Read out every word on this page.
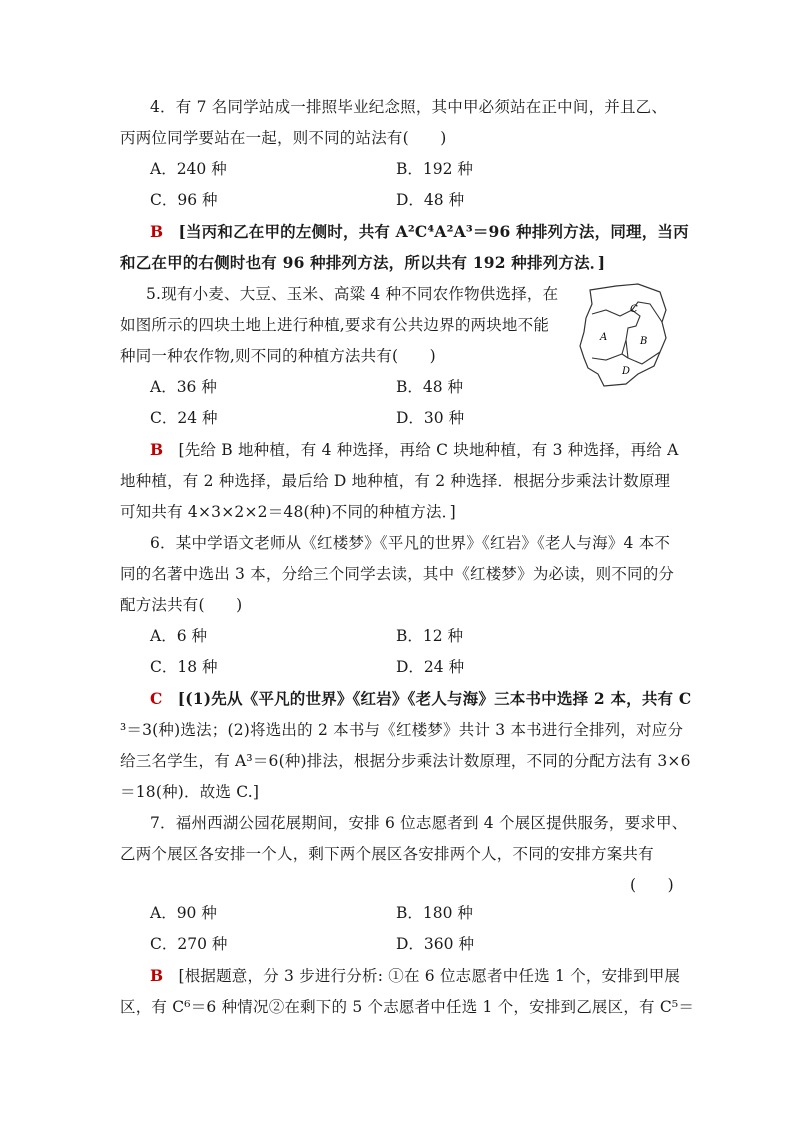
4．有 7 名同学站成一排照毕业纪念照，其中甲必须站在正中间，并且乙、
丙两位同学要站在一起，则不同的站法有(　　)
A．240 种	B．192 种
C．96 种	D．48 种
B [当丙和乙在甲的左侧时，共有 A²C⁴A²A³＝96 种排列方法，同理，当丙
和乙在甲的右侧时也有 96 种排列方法，所以共有 192 种排列方法．]
5.现有小麦、大豆、玉米、高粱 4 种不同农作物供选择，在
如图所示的四块土地上进行种植,要求有公共边界的两块地不能
种同一种农作物,则不同的种植方法共有(　　)
C
A	B
D
A．36 种	B．48 种
C．24 种	D．30 种
B [先给 B 地种植，有 4 种选择，再给 C 块地种植，有 3 种选择，再给 A
地种植，有 2 种选择，最后给 D 地种植，有 2 种选择．根据分步乘法计数原理
可知共有 4×3×2×2＝48(种)不同的种植方法．]
6．某中学语文老师从《红楼梦》《平凡的世界》《红岩》《老人与海》4 本不
同的名著中选出 3 本，分给三个同学去读，其中《红楼梦》为必读，则不同的分
配方法共有(　　)
A．6 种	B．12 种
C．18 种	D．24 种
C [(1)先从《平凡的世界》《红岩》《老人与海》三本书中选择 2 本，共有 C
³＝3(种)选法；(2)将选出的 2 本书与《红楼梦》共计 3 本书进行全排列，对应分
给三名学生，有 A³＝6(种)排法，根据分步乘法计数原理，不同的分配方法有 3×6
＝18(种)．故选 C.]
7．福州西湖公园花展期间，安排 6 位志愿者到 4 个展区提供服务，要求甲、
乙两个展区各安排一个人，剩下两个展区各安排两个人，不同的安排方案共有
(　　)
A．90 种	B．180 种
C．270 种	D．360 种
B [根据题意，分 3 步进行分析: ①在 6 位志愿者中任选 1 个，安排到甲展
区，有 C⁶＝6 种情况②在剩下的 5 个志愿者中任选 1 个，安排到乙展区，有 C⁵＝
